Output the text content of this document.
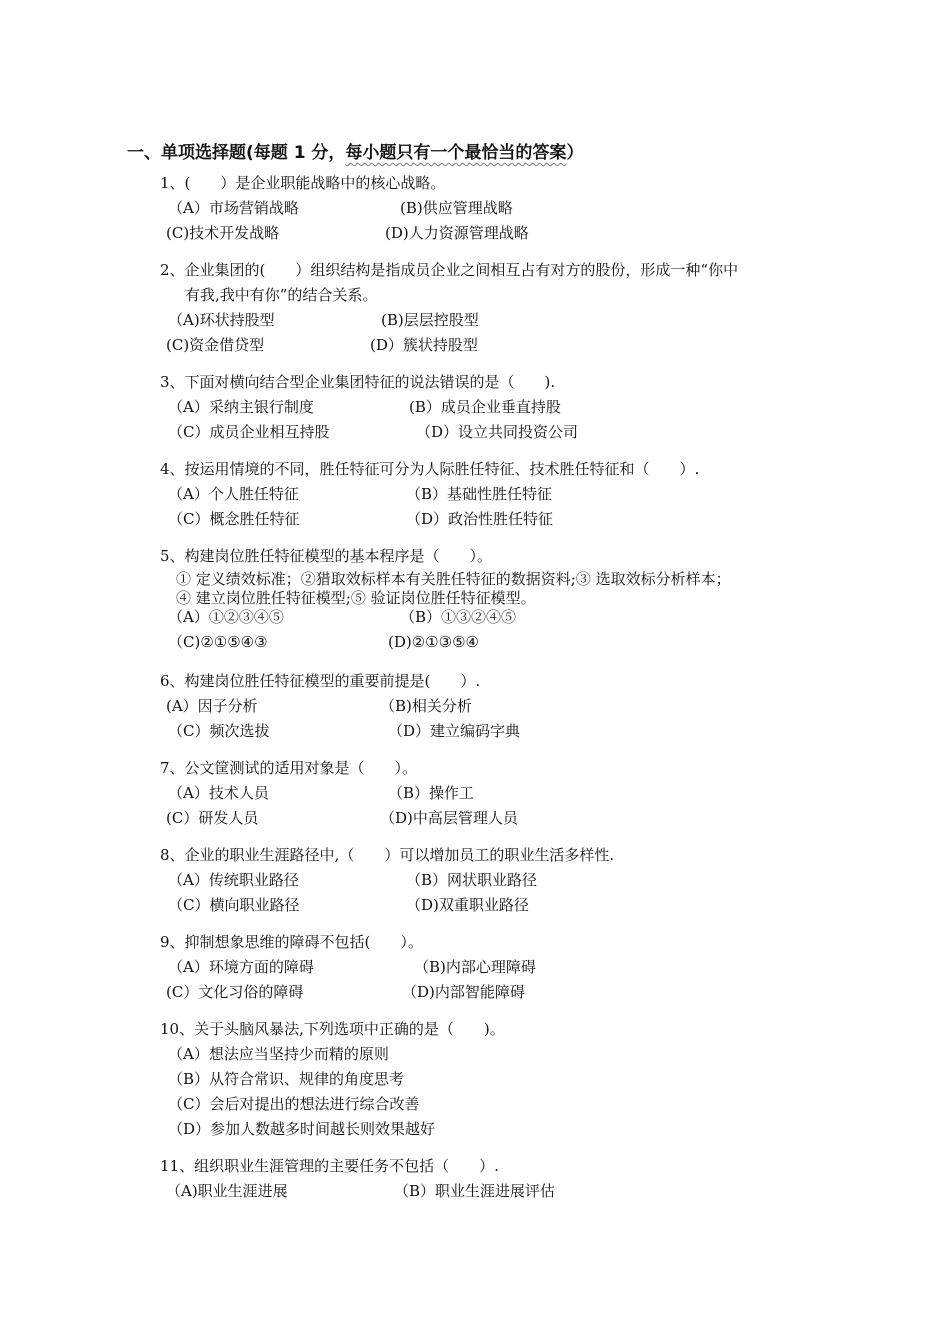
一、单项选择题(每题 1 分，每小题只有一个最恰当的答案）
1、(　　）是企业职能战略中的核心战略。
（A）市场营销战略	(B)供应管理战略
(C)技术开发战略	(D)人力资源管理战略
2、企业集团的(　　）组织结构是指成员企业之间相互占有对方的股份，形成一种“你中
有我,我中有你”的结合关系。
（A)环状持股型	(B)层层控股型
(C)资金借贷型	(D）簇状持股型
3、下面对横向结合型企业集团特征的说法错误的是（　　).
（A）采纳主银行制度	(B）成员企业垂直持股
（C）成员企业相互持股	（D）设立共同投资公司
4、按运用情境的不同，胜任特征可分为人际胜任特征、技术胜任特征和（　　）.
（A）个人胜任特征	（B）基础性胜任特征
（C）概念胜任特征	（D）政治性胜任特征
5、构建岗位胜任特征模型的基本程序是（　　）。
① 定义绩效标准；②猎取效标样本有关胜任特征的数据资料;③ 选取效标分析样本；
④ 建立岗位胜任特征模型;⑤ 验证岗位胜任特征模型。
（A）①②③④⑤	（B）①③②④⑤
（C)②①⑤④③	(D)②①③⑤④
6、构建岗位胜任特征模型的重要前提是(　　）.
(A）因子分析	（B)相关分析
（C）频次选拔	（D）建立编码字典
7、公文筐测试的适用对象是（　　）。
（A）技术人员	（B）操作工
(C）研发人员	（D)中高层管理人员
8、企业的职业生涯路径中,（　　）可以增加员工的职业生活多样性.
（A）传统职业路径	（B）网状职业路径
（C）横向职业路径	（D)双重职业路径
9、抑制想象思维的障碍不包括(　　）。
（A）环境方面的障碍	（B)内部心理障碍
(C）文化习俗的障碍	（D)内部智能障碍
10、关于头脑风暴法,下列选项中正确的是（　　)。
（A）想法应当坚持少而精的原则
（B）从符合常识、规律的角度思考
（C）会后对提出的想法进行综合改善
（D）参加人数越多时间越长则效果越好
11、组织职业生涯管理的主要任务不包括（　　）.
（A)职业生涯进展	（B）职业生涯进展评估
